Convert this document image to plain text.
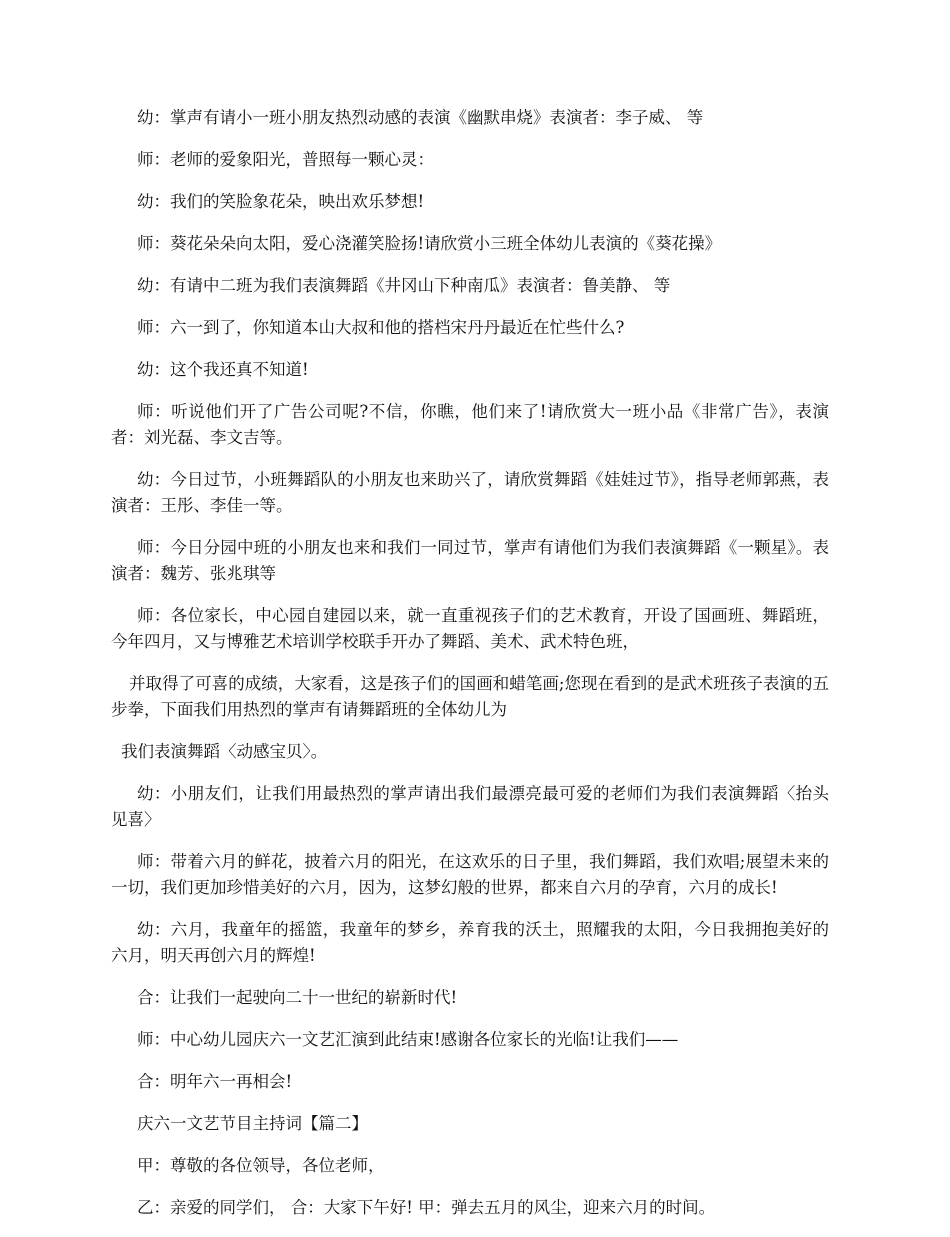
幼：掌声有请小一班小朋友热烈动感的表演《幽默串烧》表演者：李子威、 等

师：老师的爱象阳光，普照每一颗心灵：

幼：我们的笑脸象花朵，映出欢乐梦想!

师：葵花朵朵向太阳，爱心浇灌笑脸扬!请欣赏小三班全体幼儿表演的《葵花操》

幼：有请中二班为我们表演舞蹈《井冈山下种南瓜》表演者：鲁美静、 等

师：六一到了，你知道本山大叔和他的搭档宋丹丹最近在忙些什么?

幼：这个我还真不知道!

师：听说他们开了广告公司呢?不信，你瞧，他们来了!请欣赏大一班小品《非常广告》，表演者：刘光磊、李文吉等。

幼：今日过节，小班舞蹈队的小朋友也来助兴了，请欣赏舞蹈《娃娃过节》，指导老师郭燕，表演者：王彤、李佳一等。

师：今日分园中班的小朋友也来和我们一同过节，掌声有请他们为我们表演舞蹈《一颗星》。表演者：魏芳、张兆琪等

师：各位家长，中心园自建园以来，就一直重视孩子们的艺术教育，开设了国画班、舞蹈班，今年四月，又与博雅艺术培训学校联手开办了舞蹈、美术、武术特色班，

并取得了可喜的成绩，大家看，这是孩子们的国画和蜡笔画;您现在看到的是武术班孩子表演的五步拳，下面我们用热烈的掌声有请舞蹈班的全体幼儿为

我们表演舞蹈〈动感宝贝〉。

幼：小朋友们，让我们用最热烈的掌声请出我们最漂亮最可爱的老师们为我们表演舞蹈〈抬头见喜〉

师：带着六月的鲜花，披着六月的阳光，在这欢乐的日子里，我们舞蹈，我们欢唱;展望未来的一切，我们更加珍惜美好的六月，因为，这梦幻般的世界，都来自六月的孕育，六月的成长!

幼：六月，我童年的摇篮，我童年的梦乡，养育我的沃土，照耀我的太阳，今日我拥抱美好的六月，明天再创六月的辉煌!

合：让我们一起驶向二十一世纪的崭新时代!

师：中心幼儿园庆六一文艺汇演到此结束!感谢各位家长的光临!让我们——

合：明年六一再相会!

庆六一文艺节目主持词【篇二】

甲：尊敬的各位领导，各位老师，

乙：亲爱的同学们， 合：大家下午好! 甲：弹去五月的风尘，迎来六月的时间。
